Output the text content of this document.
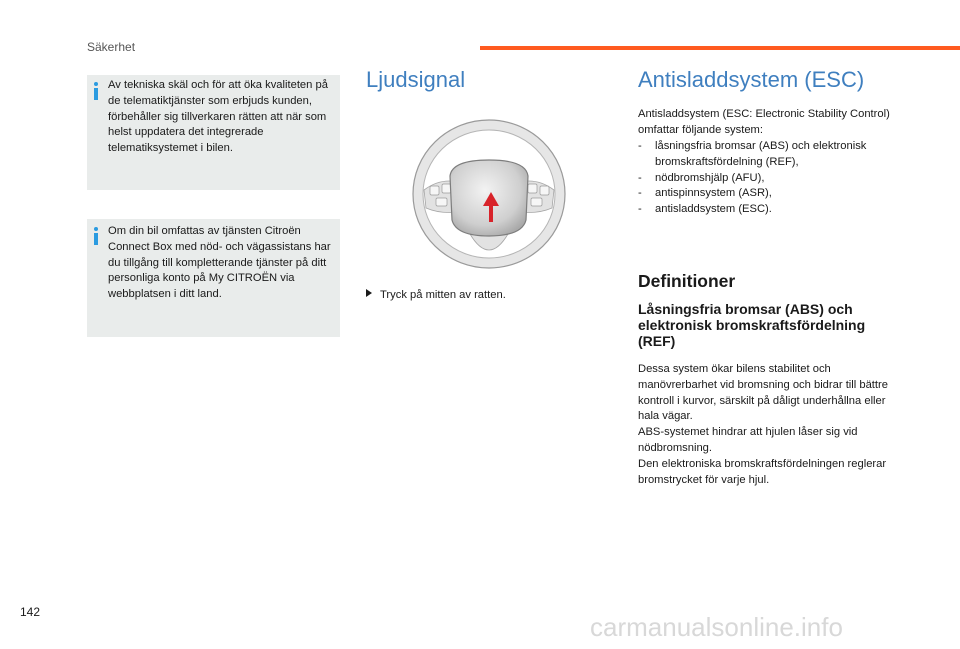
Säkerhet
Av tekniska skäl och för att öka kvaliteten på de telematiktjänster som erbjuds kunden, förbehåller sig tillverkaren rätten att när som helst uppdatera det integrerade telematiksystemet i bilen.
Om din bil omfattas av tjänsten Citroën Connect Box med nöd- och vägassistans har du tillgång till kompletterande tjänster på ditt personliga konto på My CITROËN via webbplatsen i ditt land.
Ljudsignal
Tryck på mitten av ratten.
Antisladdsystem (ESC)
Antisladdsystem (ESC: Electronic Stability Control) omfattar följande system:
- låsningsfria bromsar (ABS) och elektronisk bromskraftsfördelning (REF),
- nödbromshjälp (AFU),
- antispinnsystem (ASR),
- antisladdsystem (ESC).
Definitioner
Låsningsfria bromsar (ABS) och elektronisk bromskraftsfördelning (REF)

Dessa system ökar bilens stabilitet och manövrerbarhet vid bromsning och bidrar till bättre kontroll i kurvor, särskilt på dåligt underhållna eller hala vägar.

ABS-systemet hindrar att hjulen låser sig vid nödbromsning.

Den elektroniska bromskraftsfördelningen reglerar bromstrycket för varje hjul.

142	carmanualsonline.info
